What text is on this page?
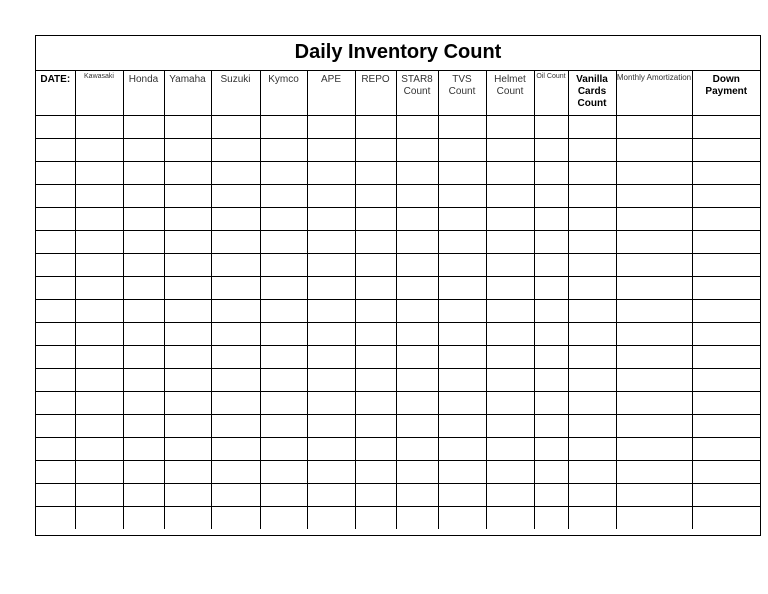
Daily Inventory Count
DATE:	Kawasaki	Honda	Yamaha	Suzuki	Kymco	APE	REPO	STAR8 Count	TVS Count	Helmet Count	Oil Count	Vanilla Cards Count	Monthly Amortization	Down Payment
